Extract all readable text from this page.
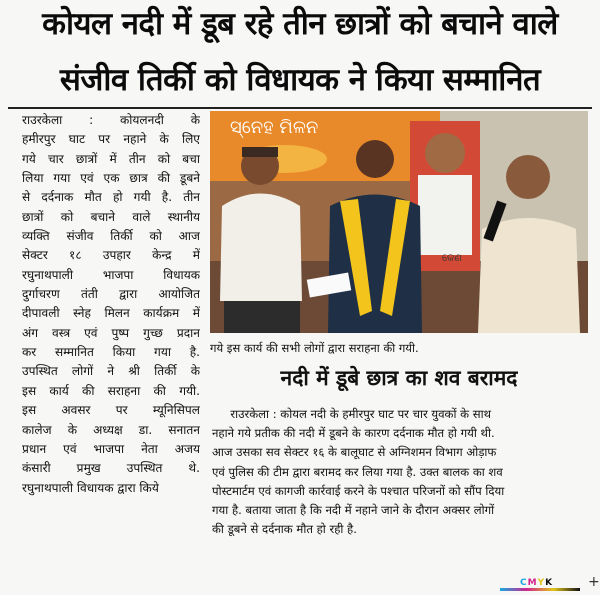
कोयल नदी में डूब रहे तीन छात्रों को बचाने वाले
संजीव तिर्की को विधायक ने किया सम्मानित
राउरकेला : कोयलनदी के
हमीरपुर घाट पर नहाने के लिए
गये चार छात्रों में तीन को बचा
लिया गया एवं एक छात्र की डूबने
से दर्दनाक मौत हो गयी है. तीन
छात्रों को बचाने वाले स्थानीय
व्यक्ति संजीव तिर्की को आज
सेक्टर १८ उपहार केन्द्र में
रघुनाथपाली भाजपा विधायक
दुर्गाचरण तंती द्वारा आयोजित
दीपावली स्नेह मिलन कार्यक्रम में
अंग वस्त्र एवं पुष्प गुच्छ प्रदान
कर सम्मानित किया गया है.
उपस्थित लोगों ने श्री तिर्की के
इस कार्य की सराहना की गयी.
इस अवसर पर म्यूनिसिपल
कालेज के अध्यक्ष डा. सनातन
प्रधान एवं भाजपा नेता अजय
कंसारी प्रमुख उपस्थित थे.
रघुनाथपाली विधायक द्वारा किये
ସ୍ନେହ ମିଳନ
କେଣ
गये इस कार्य की सभी लोगों द्वारा सराहना की गयी.
नदी में डूबे छात्र का शव बरामद
राउरकेला : कोयल नदी के हमीरपुर घाट पर चार युवकों के साथ
नहाने गये प्रतीक की नदी में डूबने के कारण दर्दनाक मौत हो गयी थी.
आज उसका सव सेक्टर १६ के बालूघाट से अग्निशमन विभाग ओड़ाफ
एवं पुलिस की टीम द्वारा बरामद कर लिया गया है. उक्त बालक का शव
पोस्टमार्टम एवं कागजी कार्रवाई करने के पश्चात परिजनों को सौंप दिया
गया है. बताया जाता है कि नदी में नहाने जाने के दौरान अक्सर लोगों
की डूबने से दर्दनाक मौत हो रही है.
CMYK +
